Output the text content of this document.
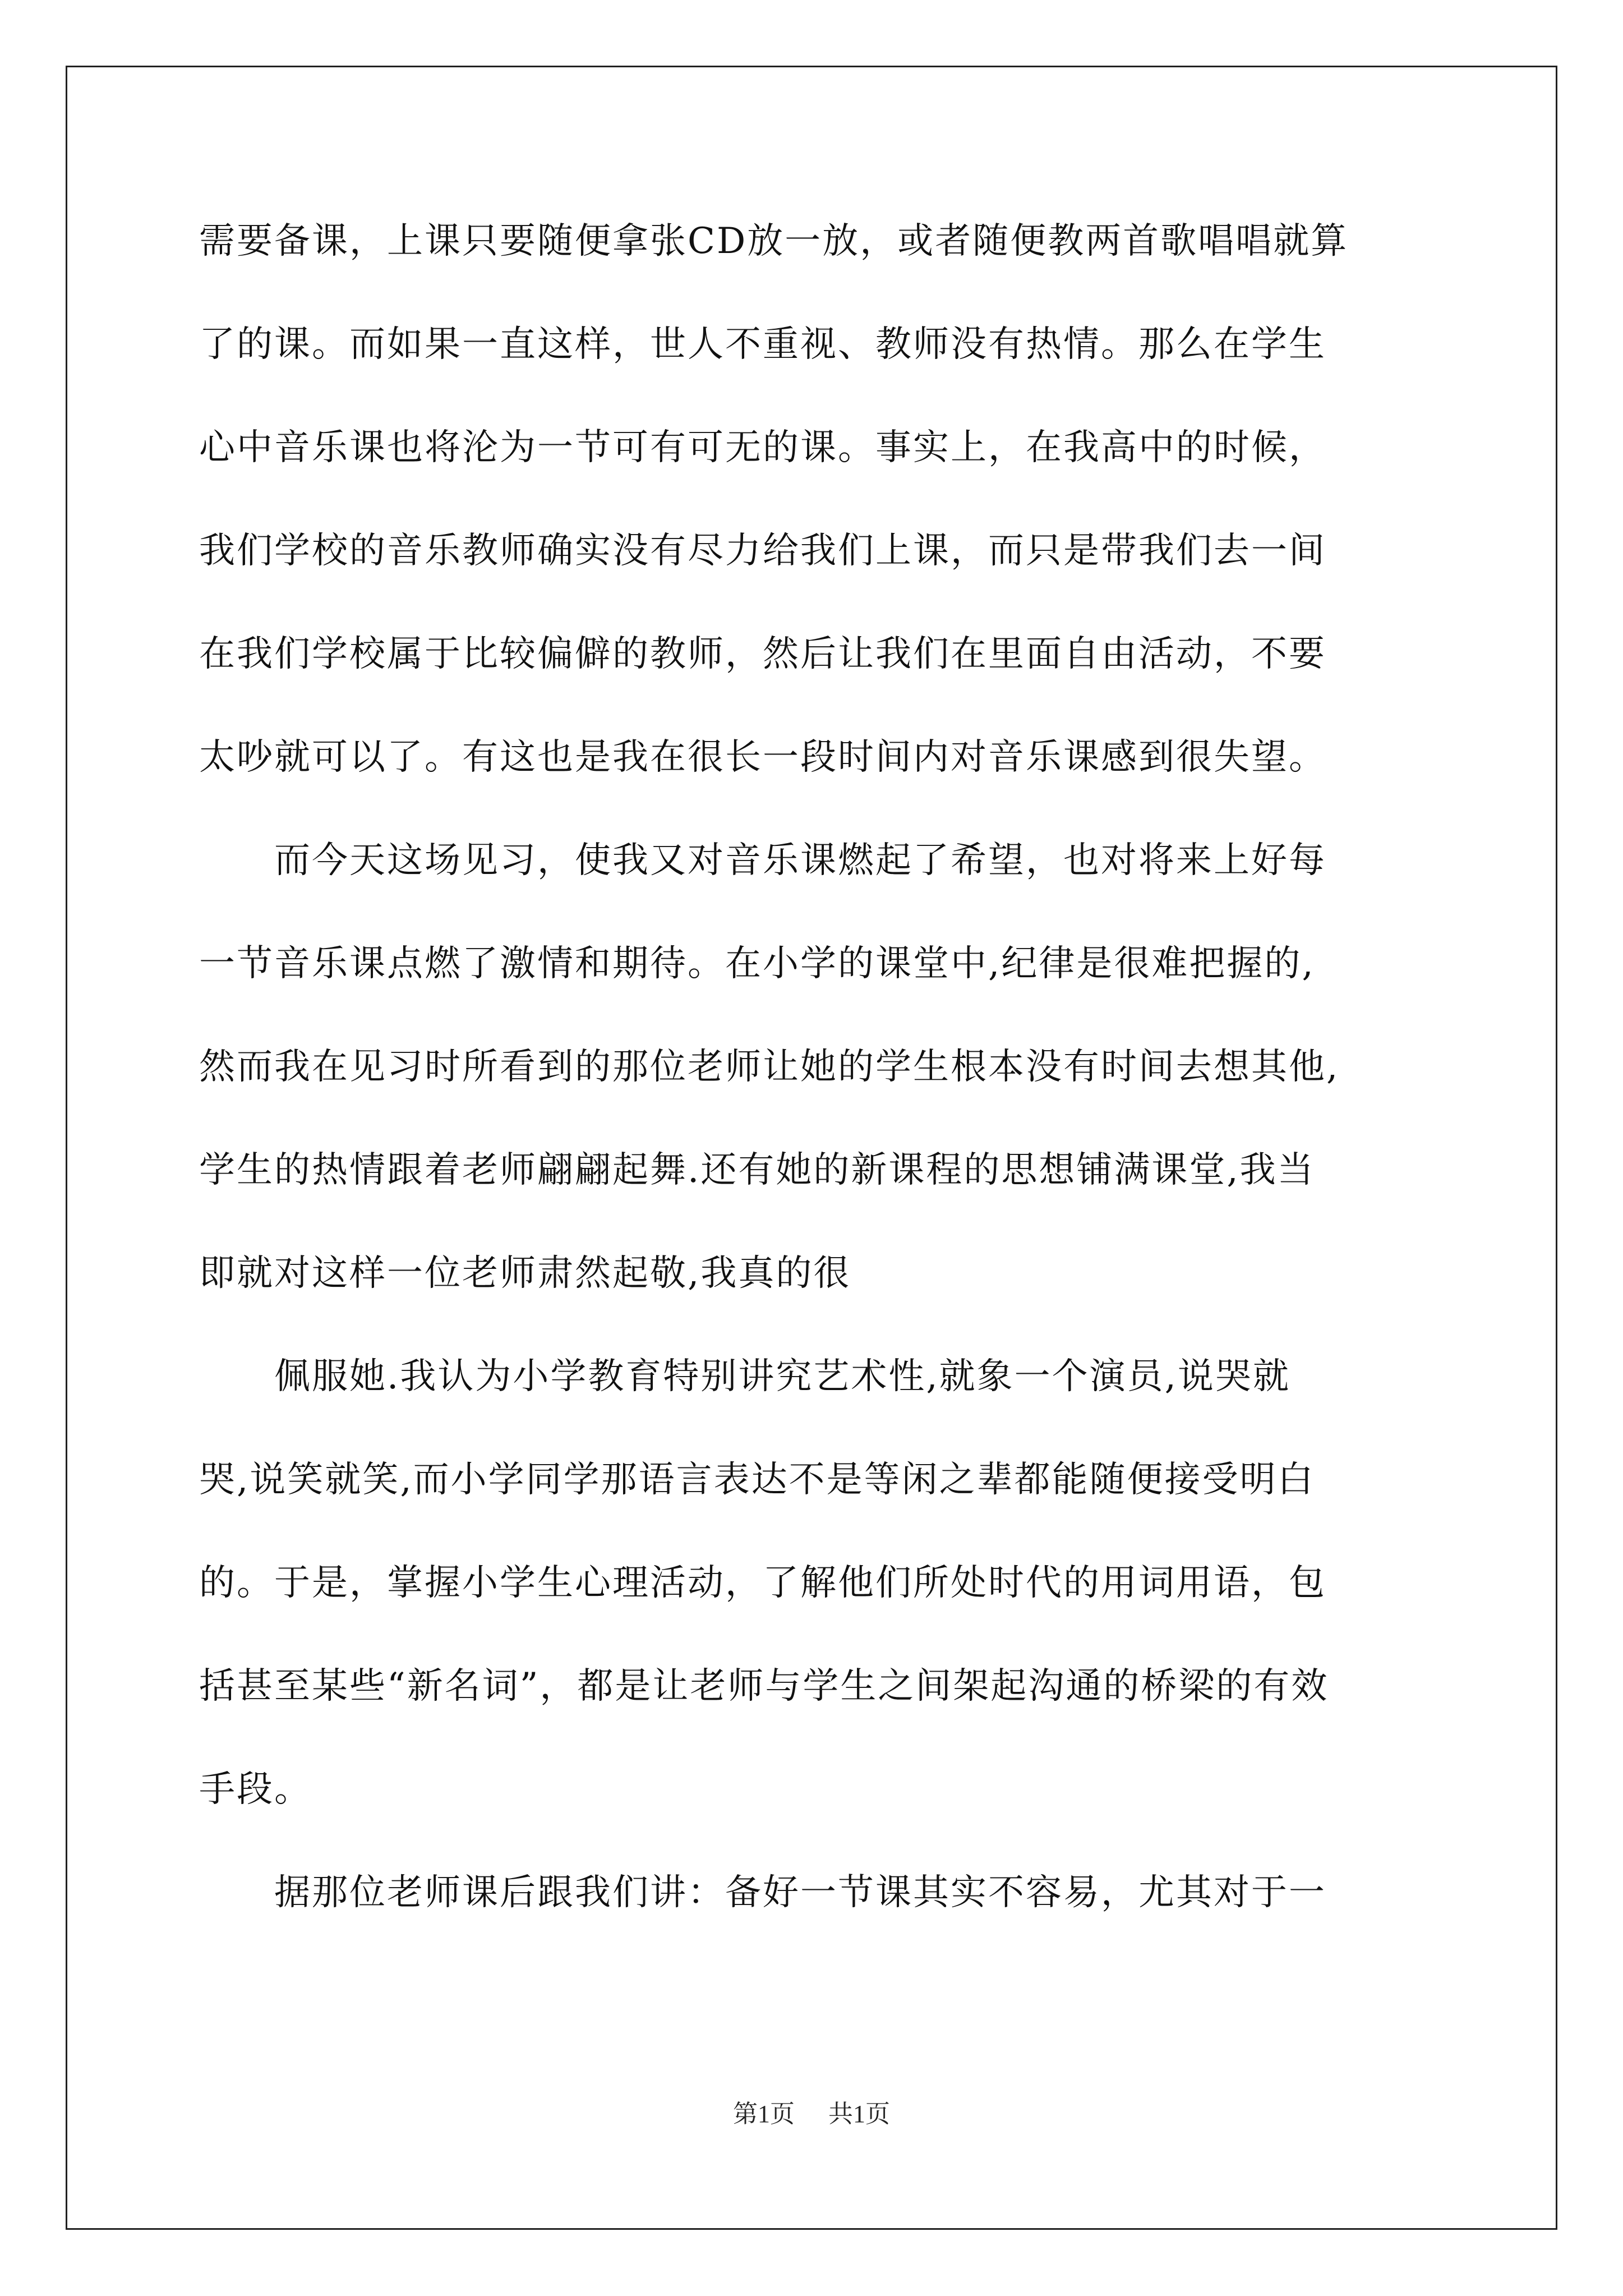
需要备课，上课只要随便拿张CD放一放，或者随便教两首歌唱唱就算
了的课。而如果一直这样，世人不重视、教师没有热情。那么在学生
心中音乐课也将沦为一节可有可无的课。事实上，在我高中的时候，
我们学校的音乐教师确实没有尽力给我们上课，而只是带我们去一间
在我们学校属于比较偏僻的教师，然后让我们在里面自由活动，不要
太吵就可以了。有这也是我在很长一段时间内对音乐课感到很失望。
　　而今天这场见习，使我又对音乐课燃起了希望，也对将来上好每
一节音乐课点燃了激情和期待。在小学的课堂中,纪律是很难把握的,
然而我在见习时所看到的那位老师让她的学生根本没有时间去想其他,
学生的热情跟着老师翩翩起舞.还有她的新课程的思想铺满课堂,我当
即就对这样一位老师肃然起敬,我真的很
　　佩服她.我认为小学教育特别讲究艺术性,就象一个演员,说哭就
哭,说笑就笑,而小学同学那语言表达不是等闲之辈都能随便接受明白
的。于是，掌握小学生心理活动，了解他们所处时代的用词用语，包
括甚至某些“新名词”，都是让老师与学生之间架起沟通的桥梁的有效
手段。
　　据那位老师课后跟我们讲：备好一节课其实不容易，尤其对于一
第1页 共1页
